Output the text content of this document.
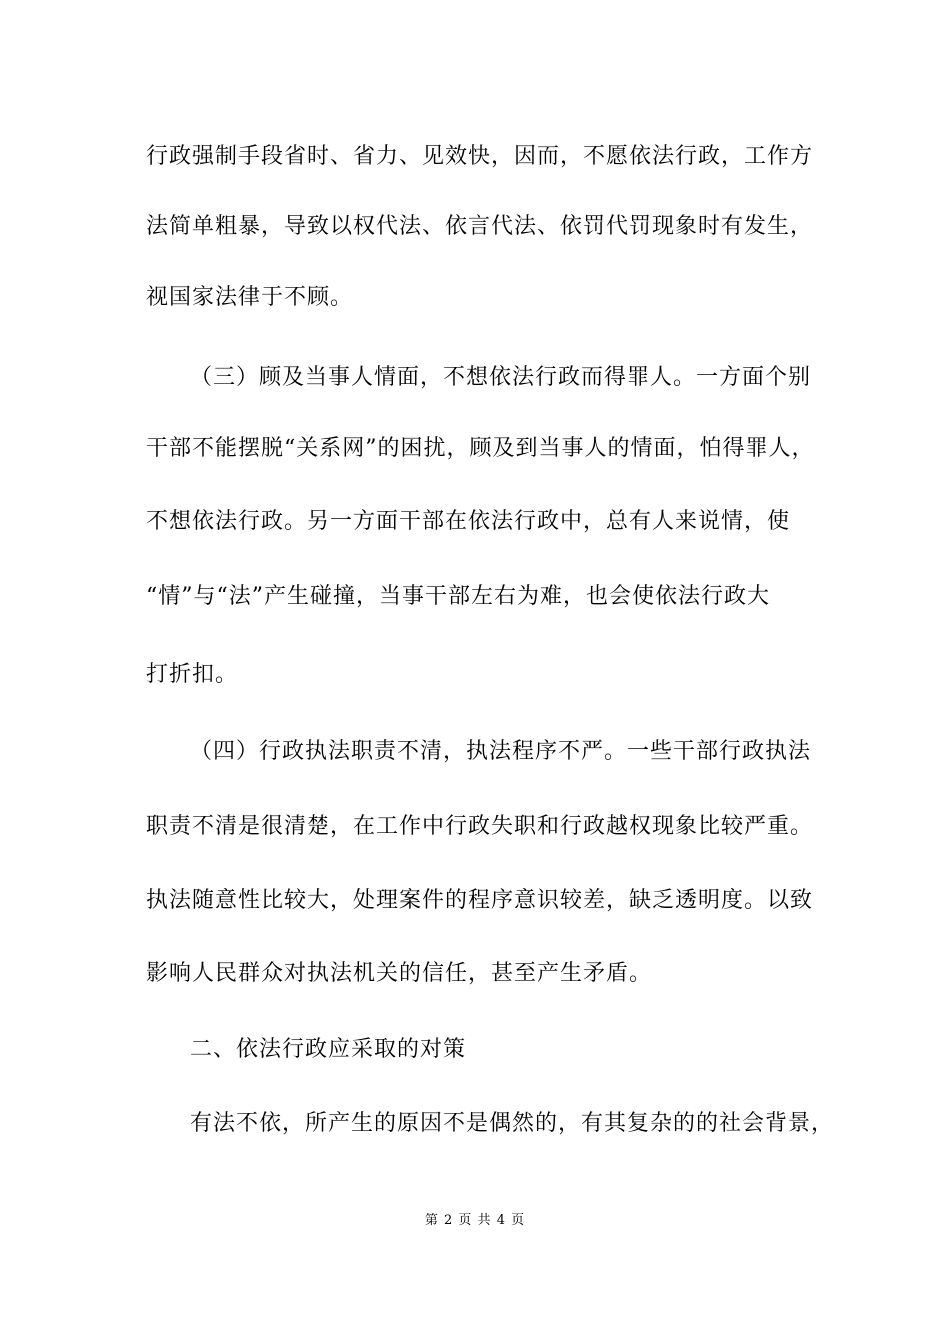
行政强制手段省时、省力、见效快，因而，不愿依法行政，工作方
法简单粗暴，导致以权代法、依言代法、依罚代罚现象时有发生，
视国家法律于不顾。
（三）顾及当事人情面，不想依法行政而得罪人。一方面个别
干部不能摆脱“关系网”的困扰，顾及到当事人的情面，怕得罪人，
不想依法行政。另一方面干部在依法行政中，总有人来说情，使
“情”与“法”产生碰撞，当事干部左右为难，也会使依法行政大
打折扣。
（四）行政执法职责不清，执法程序不严。一些干部行政执法
职责不清是很清楚，在工作中行政失职和行政越权现象比较严重。
执法随意性比较大，处理案件的程序意识较差，缺乏透明度。以致
影响人民群众对执法机关的信任，甚至产生矛盾。
二、依法行政应采取的对策
有法不依，所产生的原因不是偶然的，有其复杂的的社会背景，
第 2 页 共 4 页
